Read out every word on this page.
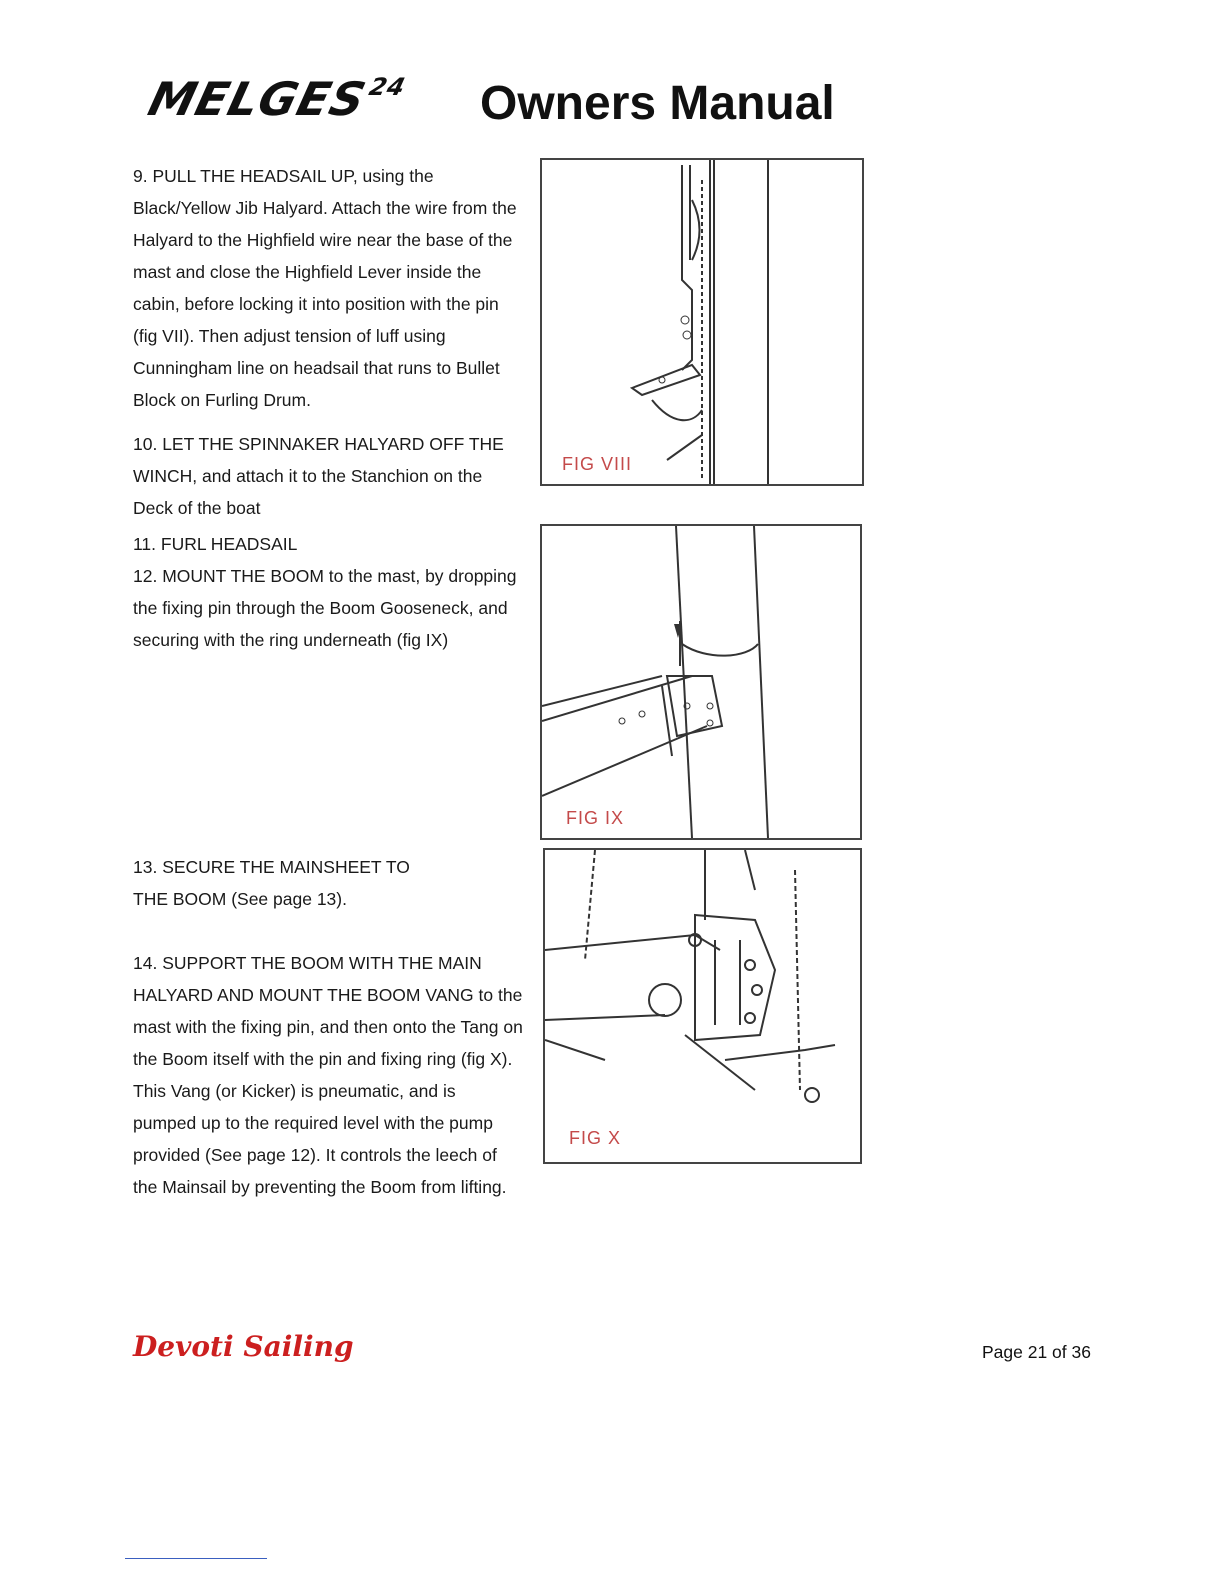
MELGES$^{24}$ Owners Manual

9. PULL THE HEADSAIL UP, using the Black/Yellow Jib Halyard. Attach the wire from the Halyard to the Highfield wire near the base of the mast and close the Highfield Lever inside the cabin, before locking it into position with the pin (fig VII). Then adjust tension of luff using Cunningham line on headsail that runs to Bullet Block on Furling Drum.

10. LET THE SPINNAKER HALYARD OFF THE WINCH, and attach it to the Stanchion on the Deck of the boat

11. FURL HEADSAIL

12. MOUNT THE BOOM to the mast, by dropping the fixing pin through the Boom Gooseneck, and securing with the ring underneath (fig IX)

13. SECURE THE MAINSHEET TO THE BOOM (See page 13).

14. SUPPORT THE BOOM WITH THE MAIN HALYARD AND MOUNT THE BOOM VANG to the mast with the fixing pin, and then onto the Tang on the Boom itself with the pin and fixing ring (fig X). This Vang (or Kicker) is pneumatic, and is pumped up to the required level with the pump provided (See page 12). It controls the leech of the Mainsail by preventing the Boom from lifting.

FIG VIII
FIG IX
FIG X
Devoti Sailing	Page 21 of 36
